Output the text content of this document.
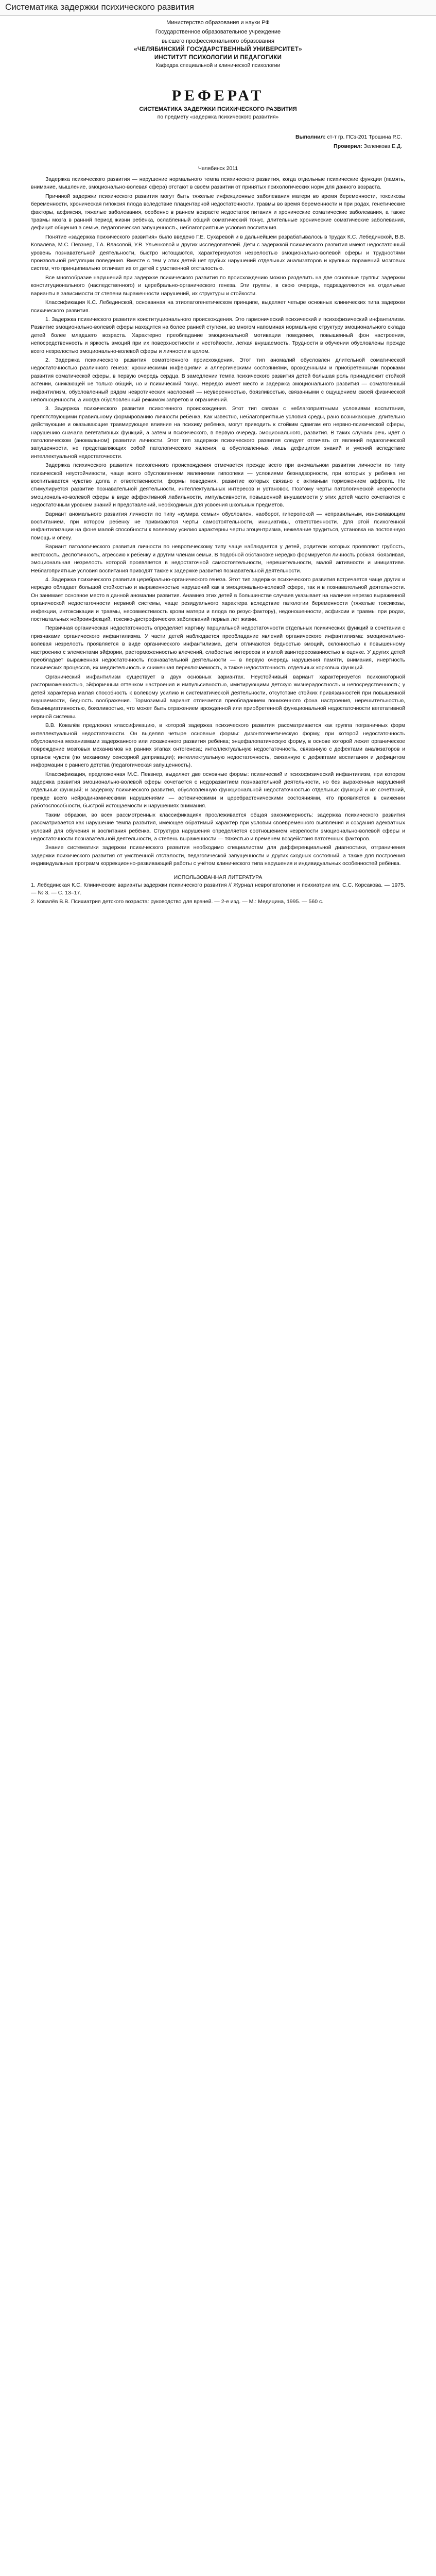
Систематика задержки психического развития
Министерство образования и науки РФ
Государственное образовательное учреждение
высшего профессионального образования
«ЧЕЛЯБИНСКИЙ ГОСУДАРСТВЕННЫЙ УНИВЕРСИТЕТ»
ИНСТИТУТ ПСИХОЛОГИИ И ПЕДАГОГИКИ
Кафедра специальной и клинической психологии
РЕФЕРАТ
СИСТЕМАТИКА ЗАДЕРЖКИ ПСИХИЧЕСКОГО РАЗВИТИЯ
по предмету «задержка психического развития»
Выполнил: ст-т гр. ПСз-201 Трошина Р.С.
Проверил: Зеленкова Е.Д.
Челябинск 2011

Задержка психического развития — нарушение нормального темпа психического развития, когда отдельные психические функции (память, внимание, мышление, эмоционально-волевая сфера) отстают в своём развитии от принятых психологических норм для данного возраста.

Причиной задержки психического развития могут быть тяжелые инфекционные заболевания матери во время беременности, токсикозы беременности, хроническая гипоксия плода вследствие плацентарной недостаточности, травмы во время беременности и при родах, генетические факторы, асфиксия, тяжелые заболевания, особенно в раннем возрасте недостаток питания и хронические соматические заболевания, а также травмы мозга в ранний период жизни ребёнка, ослабленный общий соматический тонус, длительные хронические соматические заболевания, дефицит общения в семье, педагогическая запущенность, неблагоприятные условия воспитания.

Понятие «задержка психического развития» было введено Г.Е. Сухаревой и в дальнейшем разрабатывалось в трудах К.С. Лебединской, В.В. Ковалёва, М.С. Певзнер, Т.А. Власовой, У.В. Ульенковой и других исследователей. Дети с задержкой психического развития имеют недостаточный уровень познавательной деятельности, быстро истощаются, характеризуются незрелостью эмоционально-волевой сферы и трудностями произвольной регуляции поведения. Вместе с тем у этих детей нет грубых нарушений отдельных анализаторов и крупных поражений мозговых систем, что принципиально отличает их от детей с умственной отсталостью.

Все многообразие нарушений при задержке психического развития по происхождению можно разделить на две основные группы: задержки конституционального (наследственного) и церебрально-органического генеза. Эти группы, в свою очередь, подразделяются на отдельные варианты в зависимости от степени выраженности нарушений, их структуры и стойкости.

Классификация К.С. Лебединской, основанная на этиопатогенетическом принципе, выделяет четыре основных клинических типа задержки психического развития.

1. Задержка психического развития конституционального происхождения. Это гармонический психический и психофизический инфантилизм. Развитие эмоционально-волевой сферы находится на более ранней ступени, во многом напоминая нормальную структуру эмоционального склада детей более младшего возраста. Характерно преобладание эмоциональной мотивации поведения, повышенный фон настроения, непосредственность и яркость эмоций при их поверхностности и нестойкости, легкая внушаемость. Трудности в обучении обусловлены прежде всего незрелостью эмоционально-волевой сферы и личности в целом.

2. Задержка психического развития соматогенного происхождения. Этот тип аномалий обусловлен длительной соматической недостаточностью различного генеза: хроническими инфекциями и аллергическими состояниями, врожденными и приобретенными пороками развития соматической сферы, в первую очередь сердца. В замедлении темпа психического развития детей большая роль принадлежит стойкой астении, снижающей не только общий, но и психический тонус. Нередко имеет место и задержка эмоционального развития — соматогенный инфантилизм, обусловленный рядом невротических наслоений — неуверенностью, боязливостью, связанными с ощущением своей физической неполноценности, а иногда обусловленный режимом запретов и ограничений.

3. Задержка психического развития психогенного происхождения. Этот тип связан с неблагоприятными условиями воспитания, препятствующими правильному формированию личности ребёнка. Как известно, неблагоприятные условия среды, рано возникающие, длительно действующие и оказывающие травмирующее влияние на психику ребенка, могут приводить к стойким сдвигам его нервно-психической сферы, нарушению сначала вегетативных функций, а затем и психического, в первую очередь эмоционального, развития. В таких случаях речь идёт о патологическом (аномальном) развитии личности. Этот тип задержки психического развития следует отличать от явлений педагогической запущенности, не представляющих собой патологического явления, а обусловленных лишь дефицитом знаний и умений вследствие интеллектуальной недостаточности.

Задержка психического развития психогенного происхождения отмечается прежде всего при аномальном развитии личности по типу психической неустойчивости, чаще всего обусловленном явлениями гипоопеки — условиями безнадзорности, при которых у ребенка не воспитывается чувство долга и ответственности, формы поведения, развитие которых связано с активным торможением аффекта. Не стимулируется развитие познавательной деятельности, интеллектуальных интересов и установок. Поэтому черты патологической незрелости эмоционально-волевой сферы в виде аффективной лабильности, импульсивности, повышенной внушаемости у этих детей часто сочетаются с недостаточным уровнем знаний и представлений, необходимых для усвоения школьных предметов.

Вариант аномального развития личности по типу «кумира семьи» обусловлен, наоборот, гиперопекой — неправильным, изнеживающим воспитанием, при котором ребенку не прививаются черты самостоятельности, инициативы, ответственности. Для этой психогенной инфантилизации на фоне малой способности к волевому усилию характерны черты эгоцентризма, нежелание трудиться, установка на постоянную помощь и опеку.

Вариант патологического развития личности по невротическому типу чаще наблюдается у детей, родители которых проявляют грубость, жестокость, деспотичность, агрессию к ребенку и другим членам семьи. В подобной обстановке нередко формируется личность робкая, боязливая, эмоциональная незрелость которой проявляется в недостаточной самостоятельности, нерешительности, малой активности и инициативе. Неблагоприятные условия воспитания приводят также к задержке развития познавательной деятельности.

4. Задержка психического развития церебрально-органического генеза. Этот тип задержки психического развития встречается чаще других и нередко обладает большой стойкостью и выраженностью нарушений как в эмоционально-волевой сфере, так и в познавательной деятельности. Он занимает основное место в данной аномалии развития. Анамнез этих детей в большинстве случаев указывает на наличие нерезко выраженной органической недостаточности нервной системы, чаще резидуального характера вследствие патологии беременности (тяжелые токсикозы, инфекции, интоксикации и травмы, несовместимость крови матери и плода по резус-фактору), недоношенности, асфиксии и травмы при родах, постнатальных нейроинфекций, токсико-дистрофических заболеваний первых лет жизни.

Первичная органическая недостаточность определяет картину парциальной недостаточности отдельных психических функций в сочетании с признаками органического инфантилизма. У части детей наблюдается преобладание явлений органического инфантилизма: эмоционально-волевая незрелость проявляется в виде органического инфантилизма, дети отличаются бедностью эмоций, склонностью к повышенному настроению с элементами эйфории, расторможенностью влечений, слабостью интересов и малой заинтересованностью в оценке. У других детей преобладает выраженная недостаточность познавательной деятельности — в первую очередь нарушения памяти, внимания, инертность психических процессов, их медлительность и сниженная переключаемость, а также недостаточность отдельных корковых функций.

Органический инфантилизм существует в двух основных вариантах. Неустойчивый вариант характеризуется психомоторной расторможенностью, эйфоричным оттенком настроения и импульсивностью, имитирующими детскую жизнерадостность и непосредственность; у детей характерна малая способность к волевому усилию и систематической деятельности, отсутствие стойких привязанностей при повышенной внушаемости, бедность воображения. Тормозимый вариант отличается преобладанием пониженного фона настроения, нерешительностью, безынициативностью, боязливостью, что может быть отражением врожденной или приобретенной функциональной недостаточности вегетативной нервной системы.

В.В. Ковалёв предложил классификацию, в которой задержка психического развития рассматривается как группа пограничных форм интеллектуальной недостаточности. Он выделял четыре основные формы: дизонтогенетическую форму, при которой недостаточность обусловлена механизмами задержанного или искаженного развития ребёнка; энцефалопатическую форму, в основе которой лежит органическое повреждение мозговых механизмов на ранних этапах онтогенеза; интеллектуальную недостаточность, связанную с дефектами анализаторов и органов чувств (по механизму сенсорной депривации); интеллектуальную недостаточность, связанную с дефектами воспитания и дефицитом информации с раннего детства (педагогическая запущенность).

Классификация, предложенная М.С. Певзнер, выделяет две основные формы: психический и психофизический инфантилизм, при котором задержка развития эмоционально-волевой сферы сочетается с недоразвитием познавательной деятельности, но без выраженных нарушений отдельных функций; и задержку психического развития, обусловленную функциональной недостаточностью отдельных функций и их сочетаний, прежде всего нейродинамическими нарушениями — астеническими и церебрастеническими состояниями, что проявляется в снижении работоспособности, быстрой истощаемости и нарушениях внимания.

Таким образом, во всех рассмотренных классификациях прослеживается общая закономерность: задержка психического развития рассматривается как нарушение темпа развития, имеющее обратимый характер при условии своевременного выявления и создания адекватных условий для обучения и воспитания ребёнка. Структура нарушения определяется соотношением незрелости эмоционально-волевой сферы и недостаточности познавательной деятельности, а степень выраженности — тяжестью и временем воздействия патогенных факторов.

Знание систематики задержки психического развития необходимо специалистам для дифференциальной диагностики, отграничения задержки психического развития от умственной отсталости, педагогической запущенности и других сходных состояний, а также для построения индивидуальных программ коррекционно-развивающей работы с учётом клинического типа нарушения и индивидуальных особенностей ребёнка.

ИСПОЛЬЗОВАННАЯ ЛИТЕРАТУРА

1. Лебединская К.С. Клинические варианты задержки психического развития // Журнал невропатологии и психиатрии им. С.С. Корсакова. — 1975. — № 3. — С. 13–17.

2. Ковалёв В.В. Психиатрия детского возраста: руководство для врачей. — 2-е изд. — М.: Медицина, 1995. — 560 с.
